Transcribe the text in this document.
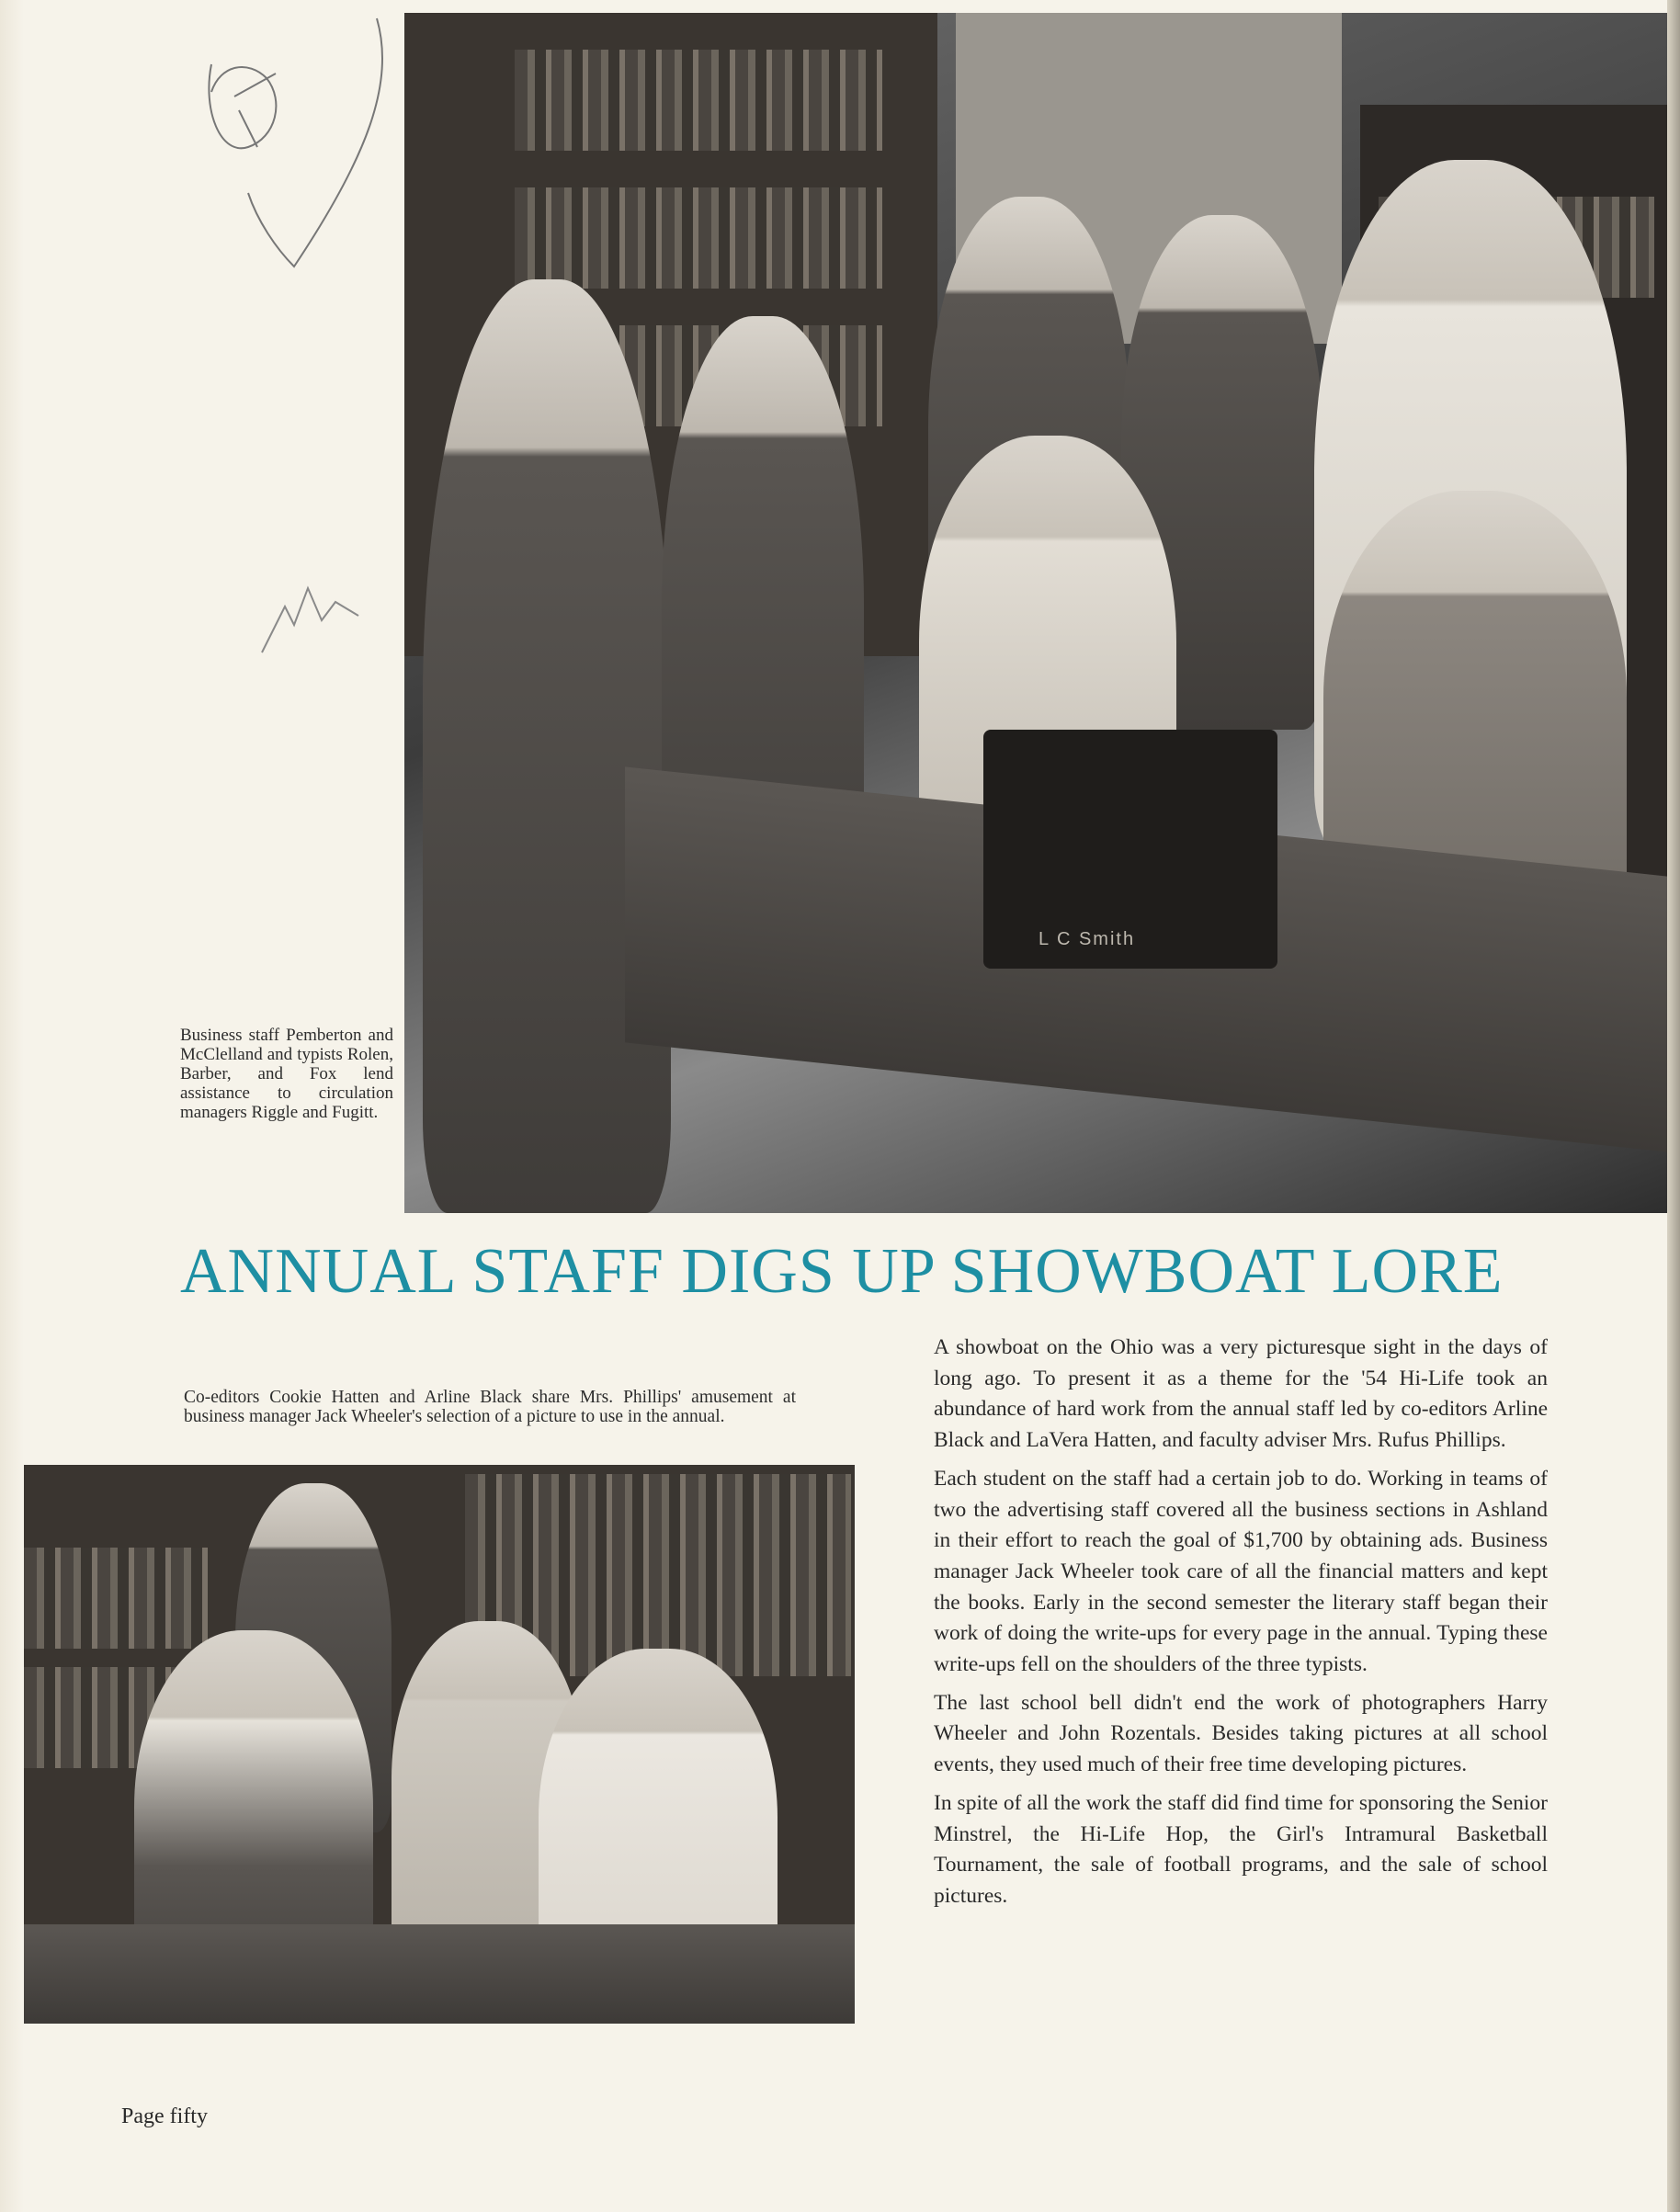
L C Smith
Business staff Pemberton and McClelland and typists Rolen, Barber, and Fox lend assistance to circulation managers Riggle and Fugitt.
ANNUAL STAFF DIGS UP SHOWBOAT LORE
Co-editors Cookie Hatten and Arline Black share Mrs. Phillips' amusement at business manager Jack Wheeler's selection of a picture to use in the annual.

A showboat on the Ohio was a very picturesque sight in the days of long ago. To present it as a theme for the '54 Hi-Life took an abundance of hard work from the annual staff led by co-editors Arline Black and LaVera Hatten, and faculty adviser Mrs. Rufus Phillips.

Each student on the staff had a certain job to do. Working in teams of two the advertising staff covered all the business sections in Ashland in their effort to reach the goal of $1,700 by obtaining ads. Business manager Jack Wheeler took care of all the financial matters and kept the books. Early in the second semester the literary staff began their work of doing the write-ups for every page in the annual. Typing these write-ups fell on the shoulders of the three typists.

The last school bell didn't end the work of photographers Harry Wheeler and John Rozentals. Besides taking pictures at all school events, they used much of their free time developing pictures.

In spite of all the work the staff did find time for sponsoring the Senior Minstrel, the Hi-Life Hop, the Girl's Intramural Basketball Tournament, the sale of football programs, and the sale of school pictures.

Page fifty
